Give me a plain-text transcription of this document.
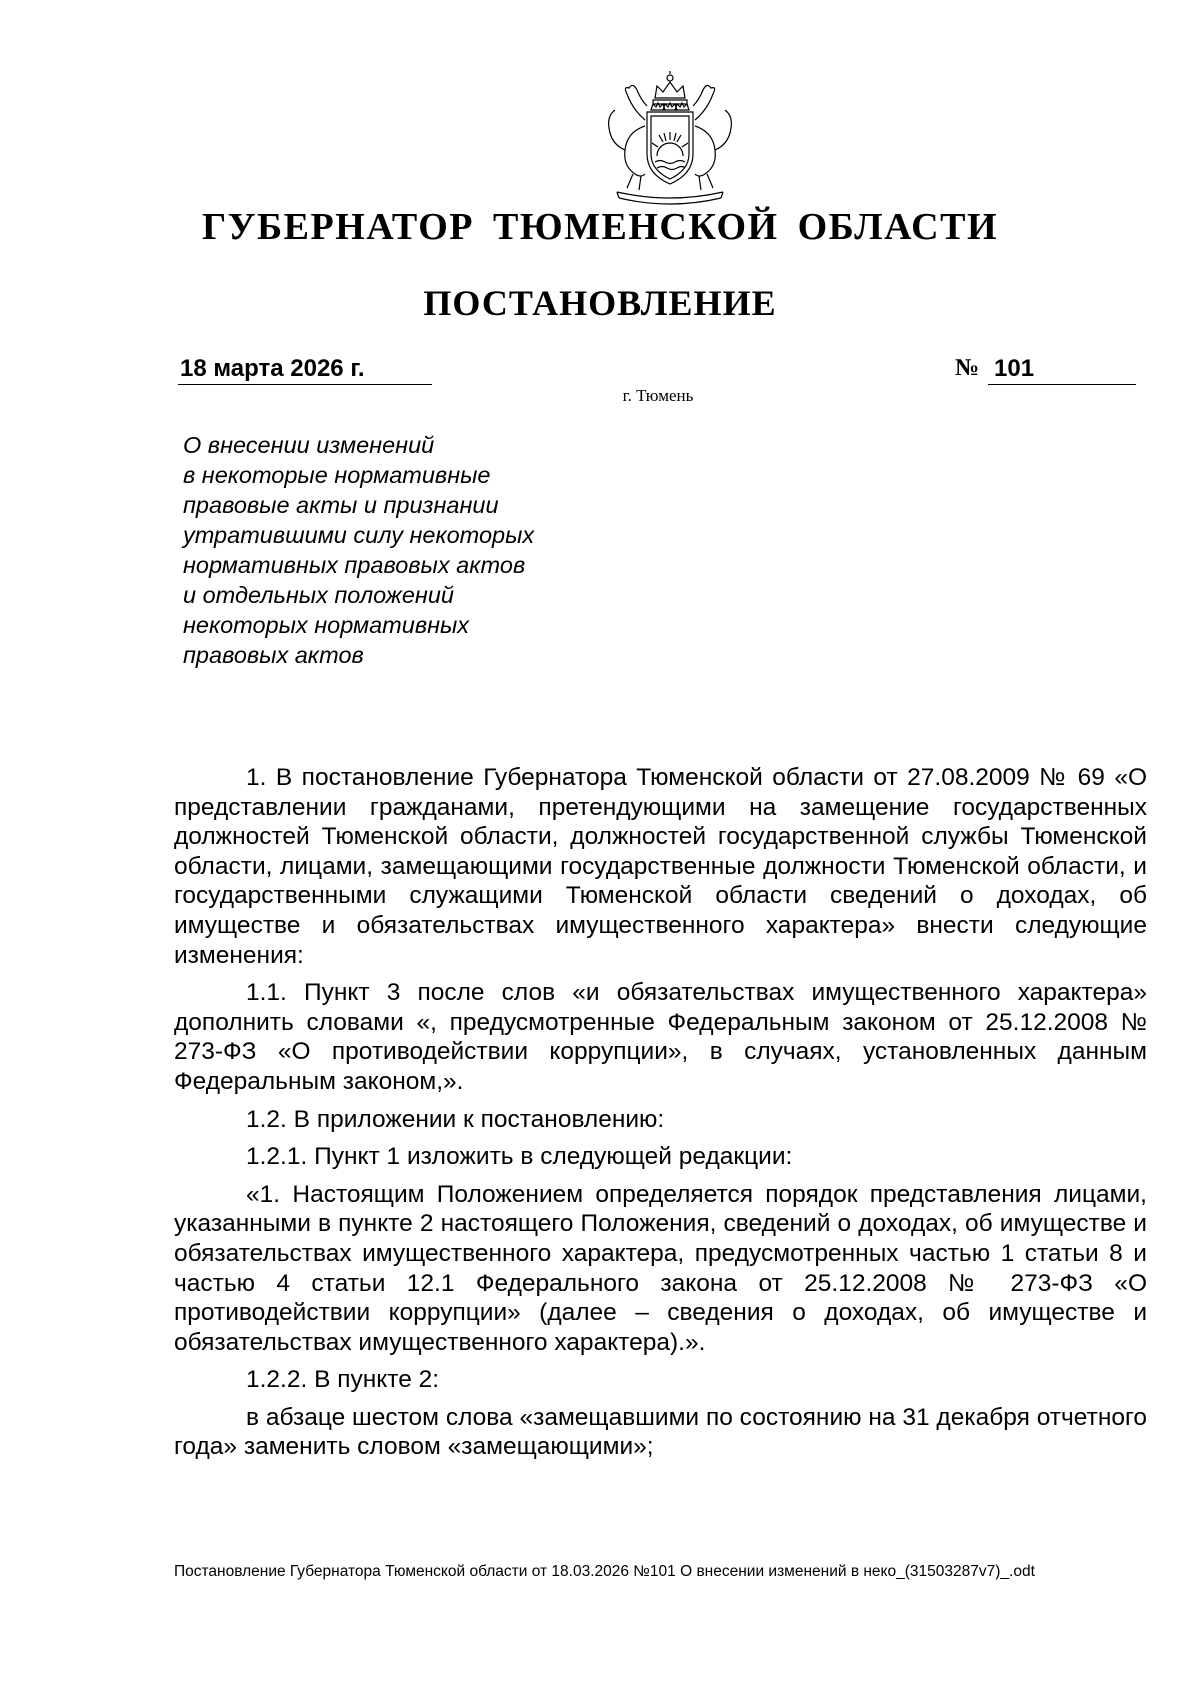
ГУБЕРНАТОР ТЮМЕНСКОЙ ОБЛАСТИ
ПОСТАНОВЛЕНИЕ
18 марта 2026 г.	№ 101
г. Тюмень
О внесении изменений
в некоторые нормативные
правовые акты и признании
утратившими силу некоторых
нормативных правовых актов
и отдельных положений
некоторых нормативных
правовых актов

1. В постановление Губернатора Тюменской области от 27.08.2009 № 69 «О представлении гражданами, претендующими на замещение государственных должностей Тюменской области, должностей государственной службы Тюменской области, лицами, замещающими государственные должности Тюменской области, и государственными служащими Тюменской области сведений о доходах, об имуществе и обязательствах имущественного характера» внести следующие изменения:

1.1. Пункт 3 после слов «и обязательствах имущественного характера» дополнить словами «, предусмотренные Федеральным законом от 25.12.2008 № 273-ФЗ «О противодействии коррупции», в случаях, установленных данным Федеральным законом,».

1.2. В приложении к постановлению:

1.2.1. Пункт 1 изложить в следующей редакции:

«1. Настоящим Положением определяется порядок представления лицами, указанными в пункте 2 настоящего Положения, сведений о доходах, об имуществе и обязательствах имущественного характера, предусмотренных частью 1 статьи 8 и частью 4 статьи 12.1 Федерального закона от 25.12.2008 № 273-ФЗ «О противодействии коррупции» (далее – сведения о доходах, об имуществе и обязательствах имущественного характера).».

1.2.2. В пункте 2:

в абзаце шестом слова «замещавшими по состоянию на 31 декабря отчетного года» заменить словом «замещающими»;

Постановление Губернатора Тюменской области от 18.03.2026 №101 О внесении изменений в неко_(31503287v7)_.odt
